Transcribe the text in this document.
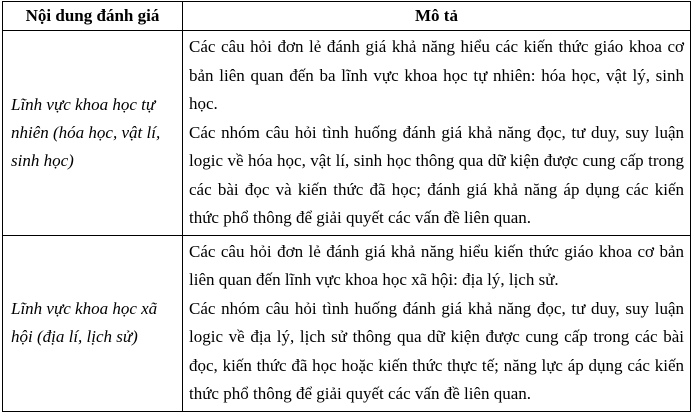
Nội dung đánh giá	Mô tả
Lĩnh vực khoa học tự nhiên (hóa học, vật lí, sinh học)	Các câu hỏi đơn lẻ đánh giá khả năng hiểu các kiến thức giáo khoa cơ bản liên quan đến ba lĩnh vực khoa học tự nhiên: hóa học, vật lý, sinh học.
Các nhóm câu hỏi tình huống đánh giá khả năng đọc, tư duy, suy luận logic về hóa học, vật lí, sinh học thông qua dữ kiện được cung cấp trong các bài đọc và kiến thức đã học; đánh giá khả năng áp dụng các kiến thức phổ thông để giải quyết các vấn đề liên quan.

Lĩnh vực khoa học xã hội (địa lí, lịch sử)	Các câu hỏi đơn lẻ đánh giá khả năng hiểu kiến thức giáo khoa cơ bản liên quan đến lĩnh vực khoa học xã hội: địa lý, lịch sử.
Các nhóm câu hỏi tình huống đánh giá khả năng đọc, tư duy, suy luận logic về địa lý, lịch sử thông qua dữ kiện được cung cấp trong các bài đọc, kiến thức đã học hoặc kiến thức thực tế; năng lực áp dụng các kiến thức phổ thông để giải quyết các vấn đề liên quan.
